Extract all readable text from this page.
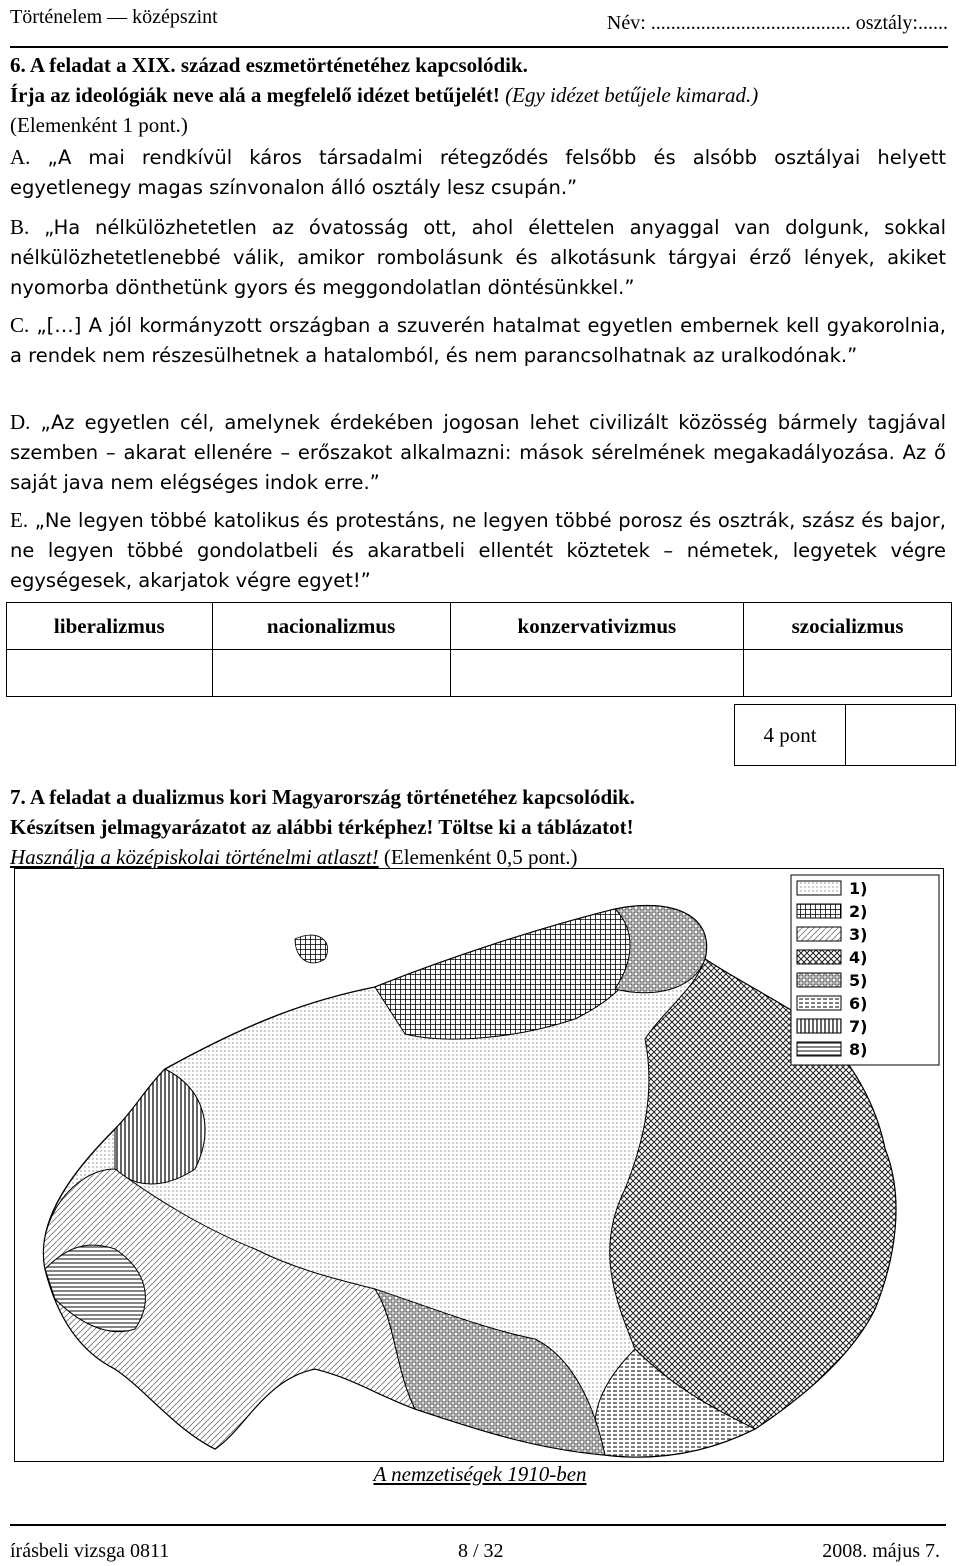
Történelem — középszint	Név: ........................................ osztály:......
6. A feladat a XIX. század eszmetörténetéhez kapcsolódik.
Írja az ideológiák neve alá a megfelelő idézet betűjelét! (Egy idézet betűjele kimarad.)
(Elemenként 1 pont.)
A. „A mai rendkívül káros társadalmi rétegződés felsőbb és alsóbb osztályai helyett egyetlenegy magas színvonalon álló osztály lesz csupán.”
B. „Ha nélkülözhetetlen az óvatosság ott, ahol élettelen anyaggal van dolgunk, sokkal nélkülözhetetlenebbé válik, amikor rombolásunk és alkotásunk tárgyai érző lények, akiket nyomorba dönthetünk gyors és meggondolatlan döntésünkkel.”
C. „[…] A jól kormányzott országban a szuverén hatalmat egyetlen embernek kell gyakorolnia, a rendek nem részesülhetnek a hatalomból, és nem parancsolhatnak az uralkodónak.”
D. „Az egyetlen cél, amelynek érdekében jogosan lehet civilizált közösség bármely tagjával szemben – akarat ellenére – erőszakot alkalmazni: mások sérelmének megakadályozása. Az ő saját java nem elégséges indok erre.”
E. „Ne legyen többé katolikus és protestáns, ne legyen többé porosz és osztrák, szász és bajor, ne legyen többé gondolatbeli és akaratbeli ellentét köztetek – németek, legyetek végre egységesek, akarjatok végre egyet!”
liberalizmus	nacionalizmus	konzervativizmus	szocializmus

4 pont
7. A feladat a dualizmus kori Magyarország történetéhez kapcsolódik.
Készítsen jelmagyarázatot az alábbi térképhez! Töltse ki a táblázatot!
Használja a középiskolai történelmi atlaszt! (Elemenként 0,5 pont.)
1)
2)
3)
4)
5)
6)
7)
8)
A nemzetiségek 1910-ben
írásbeli vizsga 0811	8 / 32	2008. május 7.
